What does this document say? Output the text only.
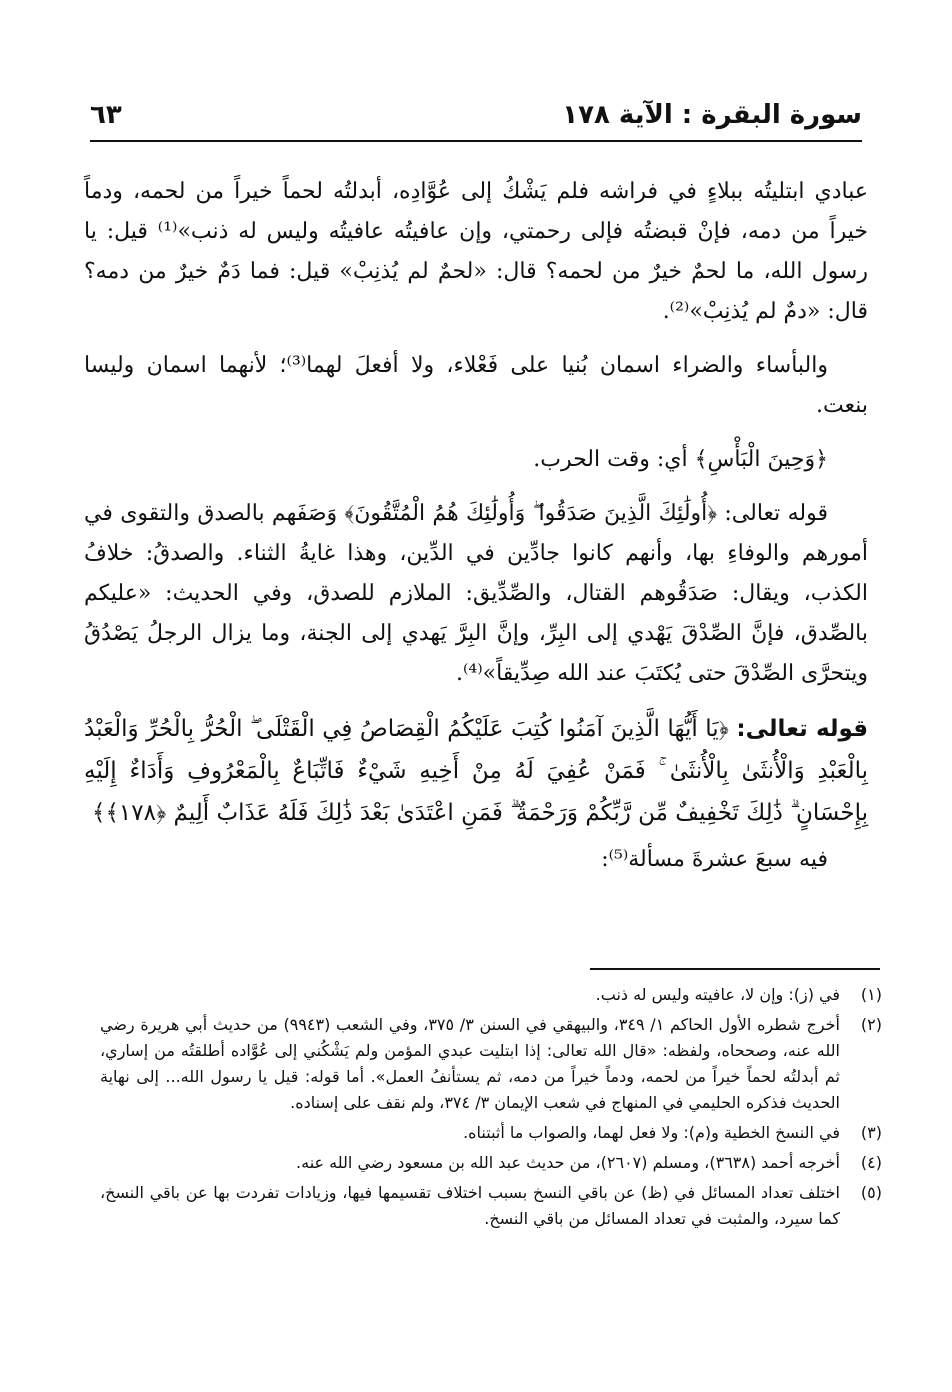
سورة البقرة : الآية ١٧٨
٦٣

عبادي ابتليتُه ببلاءٍ في فراشه فلم يَشْكُ إلى عُوَّادِه، أبدلتُه لحماً خيراً من لحمه، ودماً خيراً من دمه، فإنْ قبضتُه فإلى رحمتي، وإن عافيتُه عافيتُه وليس له ذنب»⁽¹⁾ قيل: يا رسول الله، ما لحمٌ خيرٌ من لحمه؟ قال: «لحمٌ لم يُذنِبْ» قيل: فما دَمٌ خيرٌ من دمه؟ قال: «دمٌ لم يُذنِبْ»⁽²⁾.

والبأساء والضراء اسمان بُنيا على فَعْلاء، ولا أفعلَ لهما⁽³⁾؛ لأنهما اسمان وليسا بنعت.

﴿وَحِينَ الْبَأْسِ﴾ أي: وقت الحرب.

قوله تعالى: ﴿أُولَٰئِكَ الَّذِينَ صَدَقُوا ۖ وَأُولَٰئِكَ هُمُ الْمُتَّقُونَ﴾ وَصَفَهم بالصدق والتقوى في أمورهم والوفاءِ بها، وأنهم كانوا جادِّين في الدِّين، وهذا غايةُ الثناء. والصدقُ: خلافُ الكذب، ويقال: صَدَقُوهم القتال، والصِّدِّيق: الملازم للصدق، وفي الحديث: «عليكم بالصِّدق، فإنَّ الصِّدْقَ يَهْدي إلى البِرِّ، وإنَّ البِرَّ يَهدي إلى الجنة، وما يزال الرجلُ يَصْدُقُ ويتحرَّى الصِّدْقَ حتى يُكتَبَ عند الله صِدِّيقاً»⁽⁴⁾.

قوله تعالى: ﴿يَا أَيُّهَا الَّذِينَ آمَنُوا كُتِبَ عَلَيْكُمُ الْقِصَاصُ فِي الْقَتْلَى ۖ الْحُرُّ بِالْحُرِّ وَالْعَبْدُ بِالْعَبْدِ وَالْأُنثَىٰ بِالْأُنثَىٰ ۚ فَمَنْ عُفِيَ لَهُ مِنْ أَخِيهِ شَيْءٌ فَاتِّبَاعٌ بِالْمَعْرُوفِ وَأَدَاءٌ إِلَيْهِ بِإِحْسَانٍ ۗ ذَٰلِكَ تَخْفِيفٌ مِّن رَّبِّكُمْ وَرَحْمَةٌ ۗ فَمَنِ اعْتَدَىٰ بَعْدَ ذَٰلِكَ فَلَهُ عَذَابٌ أَلِيمٌ ﴿١٧٨﴾﴾

فيه سبعَ عشرةَ مسألة⁽⁵⁾:

(١)
في (ز): وإن لا، عافيته وليس له ذنب.
(٢)
أخرج شطره الأول الحاكم ١/ ٣٤٩، والبيهقي في السنن ٣/ ٣٧٥، وفي الشعب (٩٩٤٣) من حديث أبي هريرة رضي الله عنه، وصححاه، ولفظه: «قال الله تعالى: إذا ابتليت عبدي المؤمن ولم يَشْكُني إلى عُوَّاده أطلقتُه من إساري، ثم أبدلتُه لحماً خيراً من لحمه، ودماً خيراً من دمه، ثم يستأنفُ العمل». أما قوله: قيل يا رسول الله... إلى نهاية الحديث فذكره الحليمي في المنهاج في شعب الإيمان ٣/ ٣٧٤، ولم نقف على إسناده.
(٣)
في النسخ الخطية و(م): ولا فعل لهما، والصواب ما أثبتناه.
(٤)
أخرجه أحمد (٣٦٣٨)، ومسلم (٢٦٠٧)، من حديث عبد الله بن مسعود رضي الله عنه.
(٥)
اختلف تعداد المسائل في (ظ) عن باقي النسخ بسبب اختلاف تقسيمها فيها، وزيادات تفردت بها عن باقي النسخ، كما سيرد، والمثبت في تعداد المسائل من باقي النسخ.
